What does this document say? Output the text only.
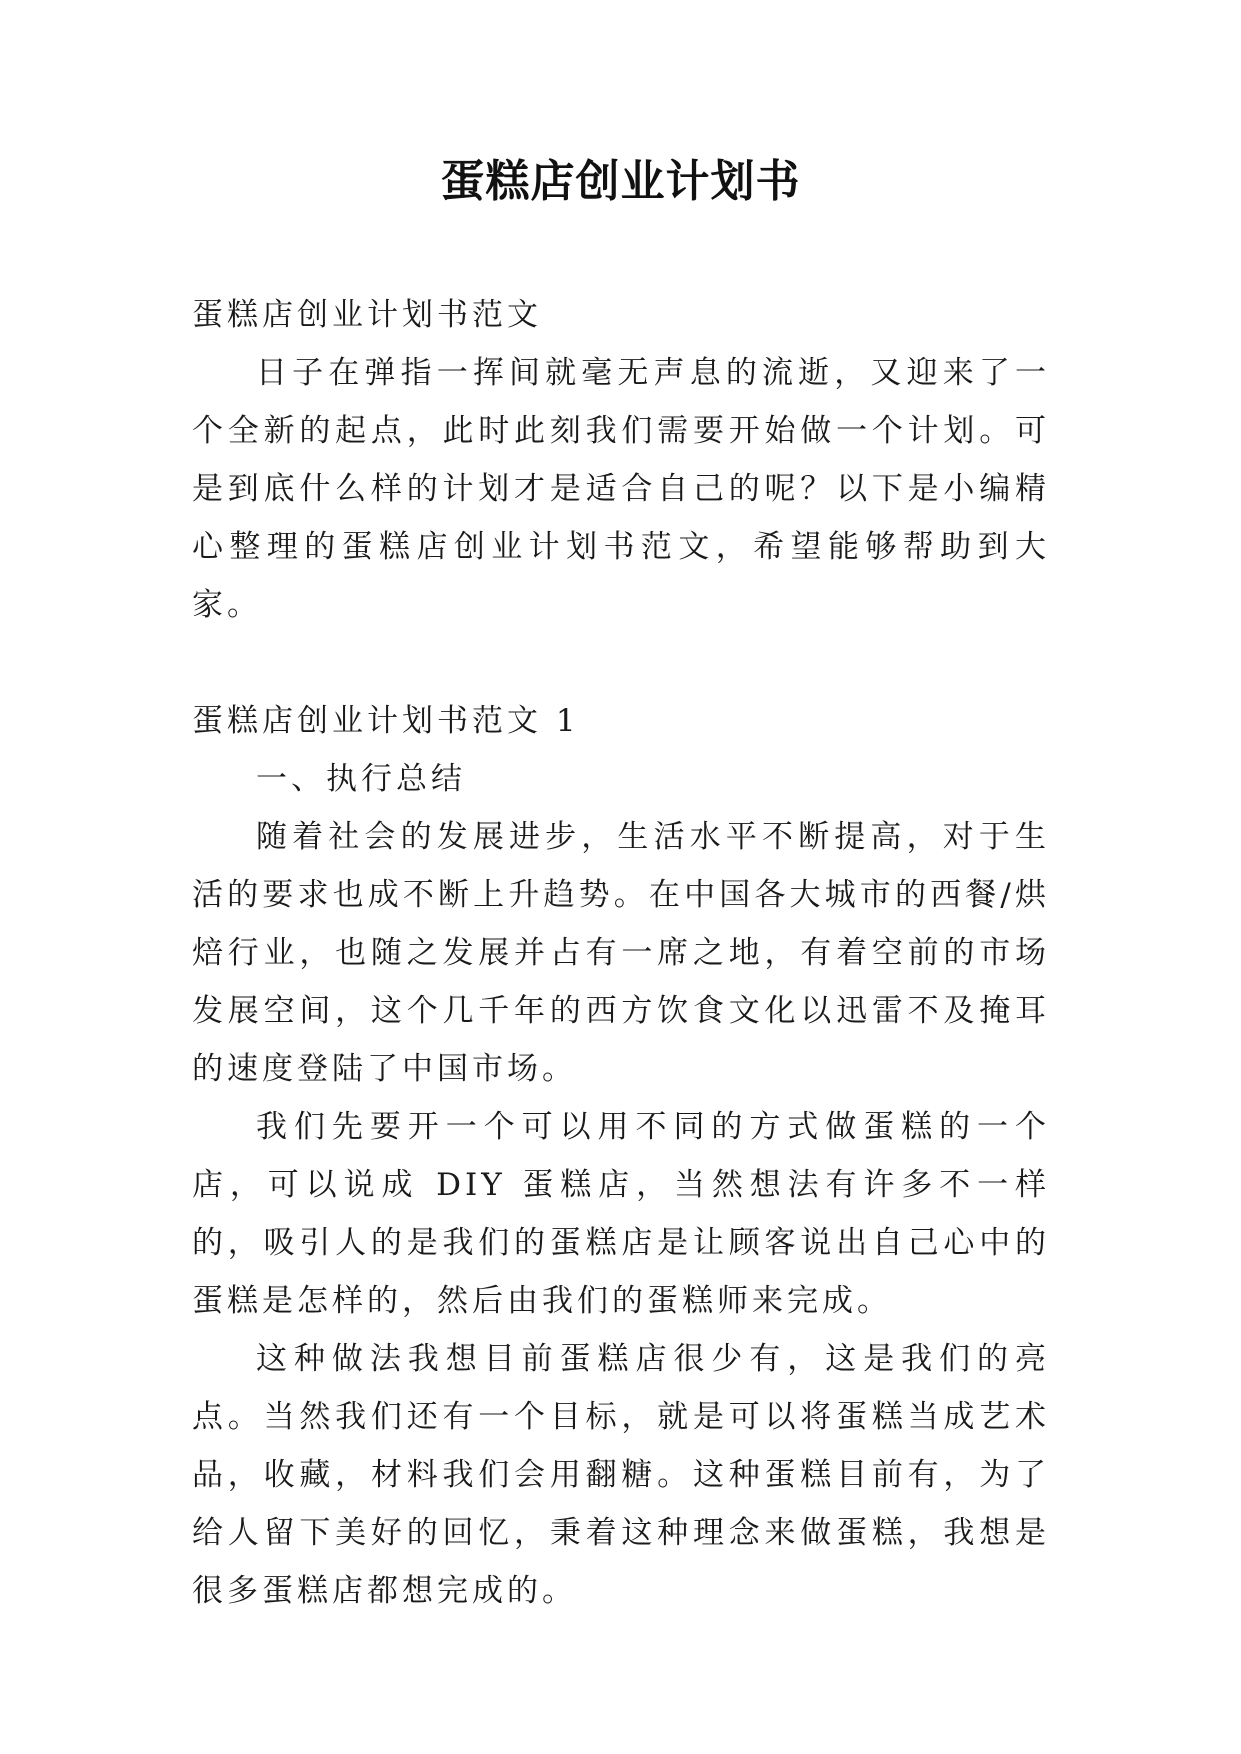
蛋糕店创业计划书

蛋糕店创业计划书范文

日子在弹指一挥间就毫无声息的流逝，又迎来了一个全新的起点，此时此刻我们需要开始做一个计划。可是到底什么样的计划才是适合自己的呢？以下是小编精心整理的蛋糕店创业计划书范文，希望能够帮助到大家。

蛋糕店创业计划书范文 1

一、执行总结

随着社会的发展进步，生活水平不断提高，对于生活的要求也成不断上升趋势。在中国各大城市的西餐/烘焙行业，也随之发展并占有一席之地，有着空前的市场发展空间，这个几千年的西方饮食文化以迅雷不及掩耳的速度登陆了中国市场。

我们先要开一个可以用不同的方式做蛋糕的一个店，可以说成 DIY 蛋糕店，当然想法有许多不一样的，吸引人的是我们的蛋糕店是让顾客说出自己心中的蛋糕是怎样的，然后由我们的蛋糕师来完成。

这种做法我想目前蛋糕店很少有，这是我们的亮点。当然我们还有一个目标，就是可以将蛋糕当成艺术品，收藏，材料我们会用翻糖。这种蛋糕目前有，为了给人留下美好的回忆，秉着这种理念来做蛋糕，我想是很多蛋糕店都想完成的。
